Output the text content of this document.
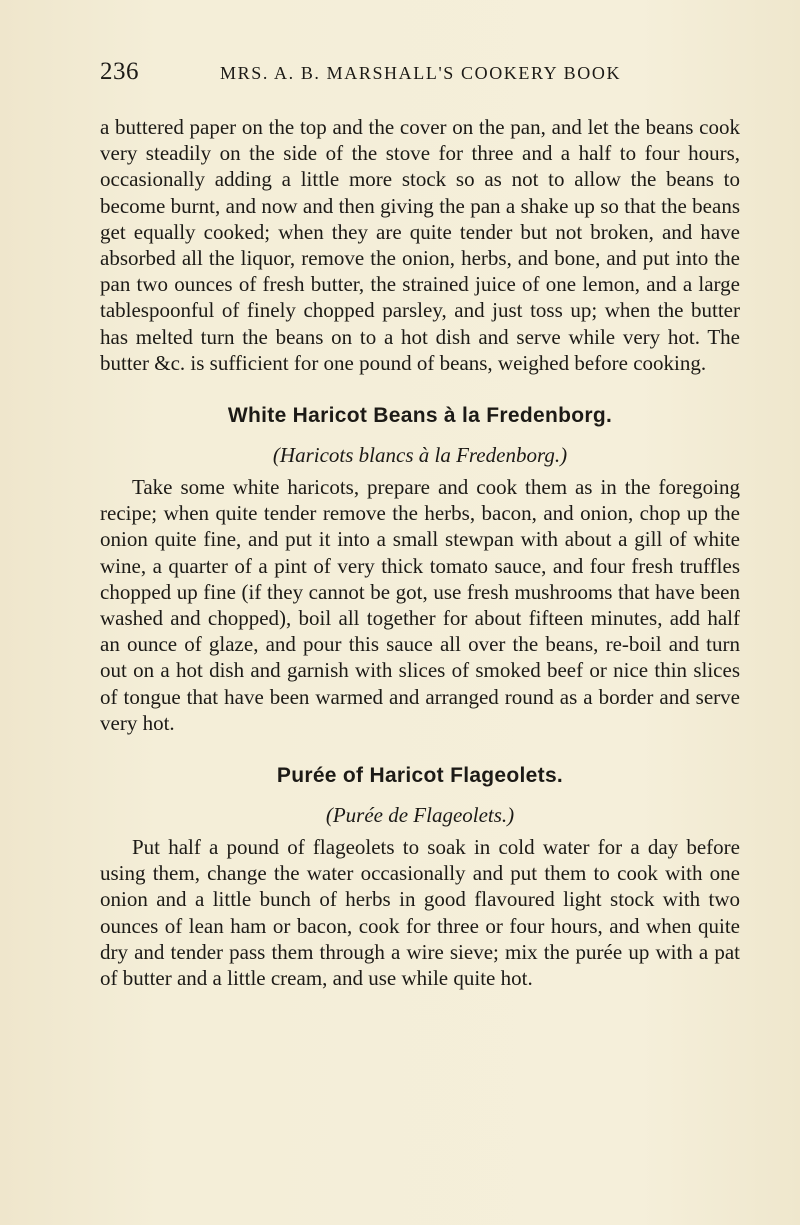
236	MRS. A. B. MARSHALL'S COOKERY BOOK

a buttered paper on the top and the cover on the pan, and let the beans cook very steadily on the side of the stove for three and a half to four hours, occasionally adding a little more stock so as not to allow the beans to become burnt, and now and then giving the pan a shake up so that the beans get equally cooked; when they are quite tender but not broken, and have absorbed all the liquor, remove the onion, herbs, and bone, and put into the pan two ounces of fresh butter, the strained juice of one lemon, and a large tablespoonful of finely chopped parsley, and just toss up; when the butter has melted turn the beans on to a hot dish and serve while very hot. The butter &c. is sufficient for one pound of beans, weighed before cooking.

White Haricot Beans à la Fredenborg.
(Haricots blancs à la Fredenborg.)

Take some white haricots, prepare and cook them as in the foregoing recipe; when quite tender remove the herbs, bacon, and onion, chop up the onion quite fine, and put it into a small stewpan with about a gill of white wine, a quarter of a pint of very thick tomato sauce, and four fresh truffles chopped up fine (if they cannot be got, use fresh mushrooms that have been washed and chopped), boil all together for about fifteen minutes, add half an ounce of glaze, and pour this sauce all over the beans, re-boil and turn out on a hot dish and garnish with slices of smoked beef or nice thin slices of tongue that have been warmed and arranged round as a border and serve very hot.

Purée of Haricot Flageolets.
(Purée de Flageolets.)

Put half a pound of flageolets to soak in cold water for a day before using them, change the water occasionally and put them to cook with one onion and a little bunch of herbs in good flavoured light stock with two ounces of lean ham or bacon, cook for three or four hours, and when quite dry and tender pass them through a wire sieve; mix the purée up with a pat of butter and a little cream, and use while quite hot.
